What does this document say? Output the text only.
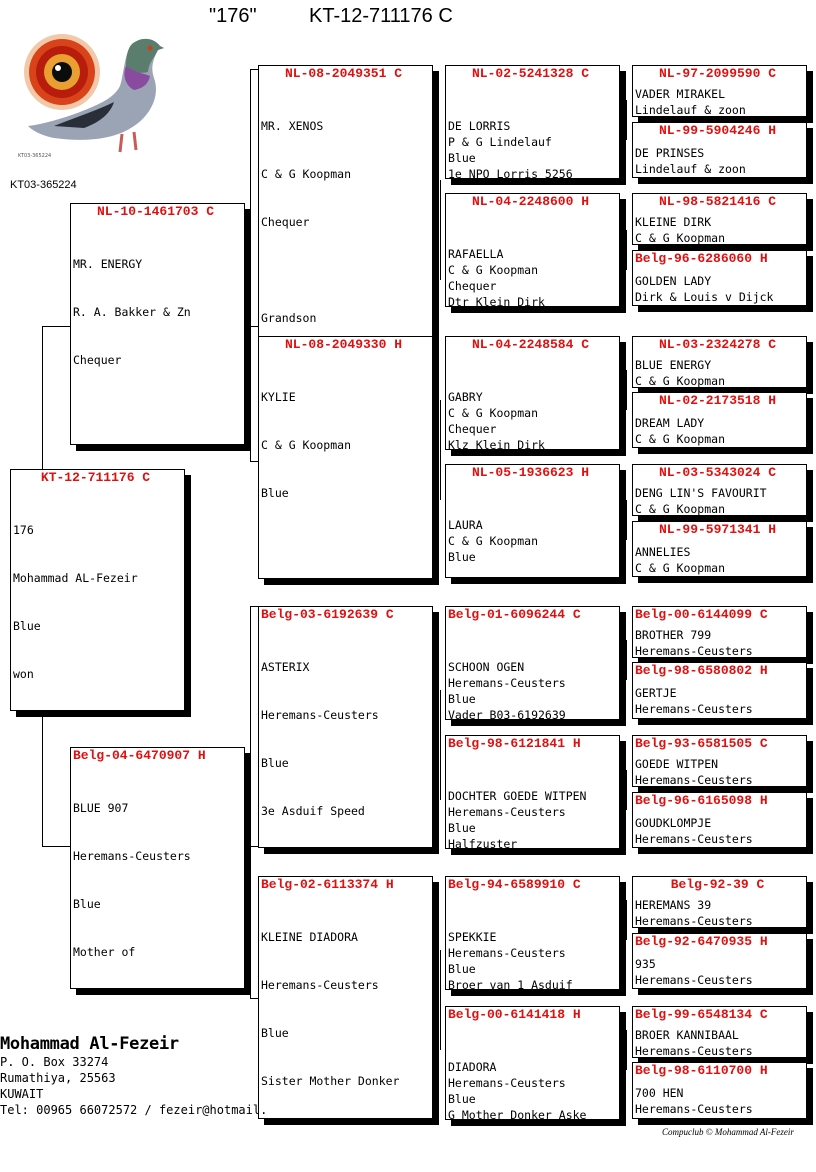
"176"	KT-12-711176 C
KT03-365224
KT03-365224
KT-12-711176 C

176

Mohammad AL-Fezeir

Blue

won

NL-10-1461703 C

MR. ENERGY

R. A. Bakker & Zn

Chequer

Belg-04-6470907 H

BLUE 907

Heremans-Ceusters

Blue

Mother of

NL-08-2049351 C

MR. XENOS

C & G Koopman

Chequer

Grandson

NL-08-2049330 H

KYLIE

C & G Koopman

Blue

Belg-03-6192639 C

ASTERIX

Heremans-Ceusters

Blue

3e Asduif Speed

Belg-02-6113374 H

KLEINE DIADORA

Heremans-Ceusters

Blue

Sister Mother Donker

NL-02-5241328 C

DE LORRIS
P & G Lindelauf
Blue
1e NPO Lorris 5256

NL-04-2248600 H

RAFAELLA
C & G Koopman
Chequer
Dtr Klein Dirk

NL-04-2248584 C

GABRY
C & G Koopman
Chequer
Klz Klein Dirk

NL-05-1936623 H

LAURA
C & G Koopman
Blue

Belg-01-6096244 C

SCHOON OGEN
Heremans-Ceusters
Blue
Vader B03-6192639

Belg-98-6121841 H

DOCHTER GOEDE WITPEN
Heremans-Ceusters
Blue
Halfzuster

Belg-94-6589910 C

SPEKKIE
Heremans-Ceusters
Blue
Broer van 1 Asduif

Belg-00-6141418 H

DIADORA
Heremans-Ceusters
Blue
G Mother Donker Aske

NL-97-2099590 C
VADER MIRAKEL
Lindelauf & zoon
NL-99-5904246 H
DE PRINSES
Lindelauf & zoon
NL-98-5821416 C
KLEINE DIRK
C & G Koopman
Belg-96-6286060 H
GOLDEN LADY
Dirk & Louis v Dijck
NL-03-2324278 C
BLUE ENERGY
C & G Koopman
NL-02-2173518 H
DREAM LADY
C & G Koopman
NL-03-5343024 C
DENG LIN'S FAVOURIT
C & G Koopman
NL-99-5971341 H
ANNELIES
C & G Koopman
Belg-00-6144099 C
BROTHER 799
Heremans-Ceusters
Belg-98-6580802 H
GERTJE
Heremans-Ceusters
Belg-93-6581505 C
GOEDE WITPEN
Heremans-Ceusters
Belg-96-6165098 H
GOUDKLOMPJE
Heremans-Ceusters
Belg-92-39 C
HEREMANS 39
Heremans-Ceusters
Belg-92-6470935 H
935
Heremans-Ceusters
Belg-99-6548134 C
BROER KANNIBAAL
Heremans-Ceusters
Belg-98-6110700 H
700 HEN
Heremans-Ceusters
Mohammad Al-Fezeir
P. O. Box 33274
Rumathiya, 25563
KUWAIT
Tel: 00965 66072572 / fezeir@hotmail.
Compuclub © Mohammad Al-Fezeir
